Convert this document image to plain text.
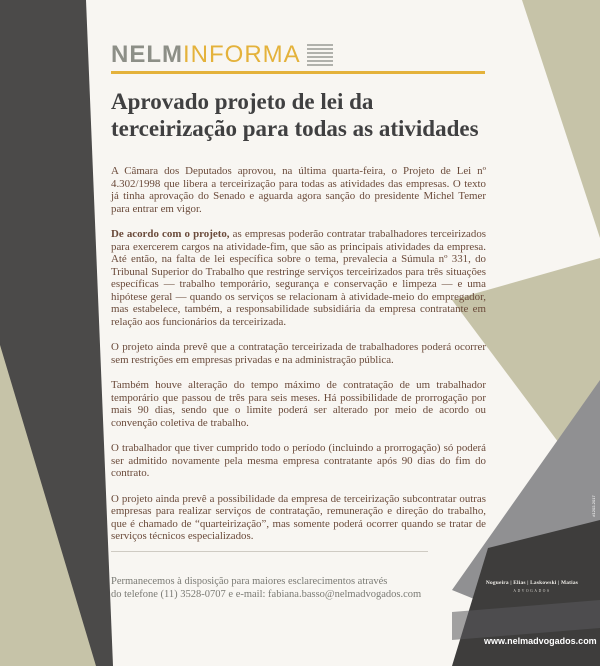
NELMINFORMA
Aprovado projeto de lei da
terceirização para todas as atividades

A Câmara dos Deputados aprovou, na última quarta-feira, o Projeto de Lei nº 4.302/1998 que libera a terceirização para todas as atividades das empresas. O texto já tinha aprovação do Senado e aguarda agora sanção do presidente Michel Temer para entrar em vigor.

De acordo com o projeto, as empresas poderão contratar trabalhadores terceirizados para exercerem cargos na atividade-fim, que são as principais atividades da empresa. Até então, na falta de lei específica sobre o tema, prevalecia a Súmula nº 331, do Tribunal Superior do Trabalho que restringe serviços terceirizados para três situações específicas — trabalho temporário, segurança e conservação e limpeza — e uma hipótese geral — quando os serviços se relacionam à atividade-meio do empregador, mas estabelece, também, a responsabilidade subsidiária da empresa contratante em relação aos funcionários da terceirizada.

O projeto ainda prevê que a contratação terceirizada de trabalhadores poderá ocorrer sem restrições em empresas privadas e na administração pública.

Também houve alteração do tempo máximo de contratação de um trabalhador temporário que passou de três para seis meses. Há possibilidade de prorrogação por mais 90 dias, sendo que o limite poderá ser alterado por meio de acordo ou convenção coletiva de trabalho.

O trabalhador que tiver cumprido todo o período (incluindo a prorrogação) só poderá ser admitido novamente pela mesma empresa contratante após 90 dias do fim do contrato.

O projeto ainda prevê a possibilidade da empresa de terceirização subcontratar outras empresas para realizar serviços de contratação, remuneração e direção do trabalho, que é chamado de “quarteirização”, mas somente poderá ocorrer quando se tratar de serviços técnicos especializados.

Permanecemos à disposição para maiores esclarecimentos através
do telefone (11) 3528-0707 e e-mail: fabiana.basso@nelmadvogados.com
#1202-2017
Nogueira | Elias | Laskowski | Matias
ADVOGADOS
www.nelmadvogados.com
